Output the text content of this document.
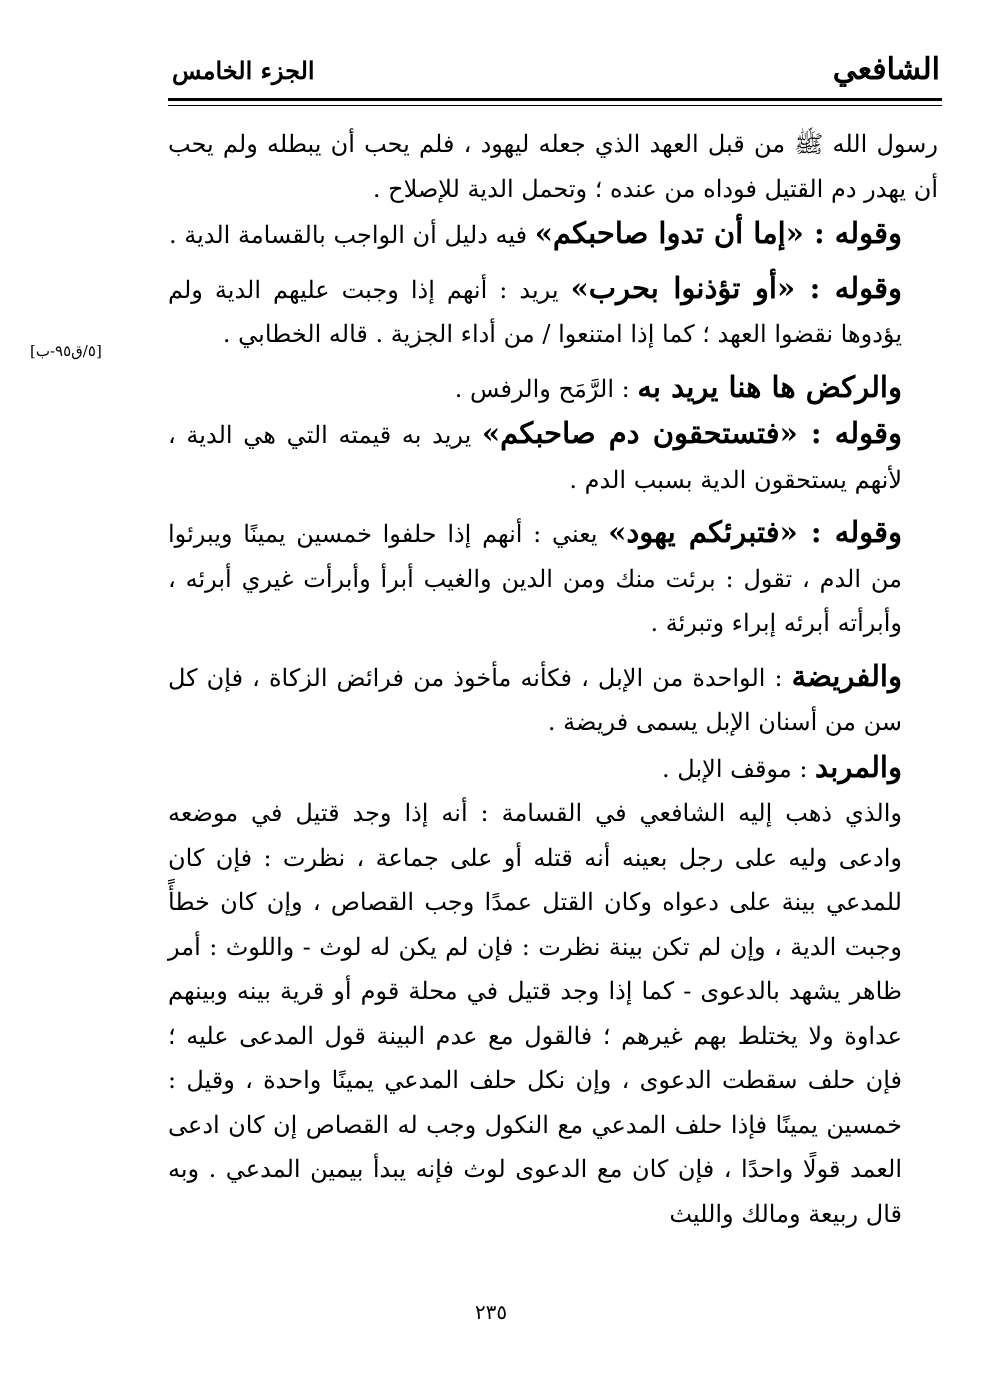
الشافعي
الجزء الخامس
[٥/ق٩٥-ب]

رسول الله ﷺ من قبل العهد الذي جعله ليهود ، فلم يحب أن يبطله ولم يحب أن يهدر دم القتيل فوداه من عنده ؛ وتحمل الدية للإصلاح .

وقوله : «إما أن تدوا صاحبكم» فيه دليل أن الواجب بالقسامة الدية .

وقوله : «أو تؤذنوا بحرب» يريد : أنهم إذا وجبت عليهم الدية ولم يؤدوها نقضوا العهد ؛ كما إذا امتنعوا / من أداء الجزية . قاله الخطابي .

والركض ها هنا يريد به : الرَّمَح والرفس .

وقوله : «فتستحقون دم صاحبكم» يريد به قيمته التي هي الدية ، لأنهم يستحقون الدية بسبب الدم .

وقوله : «فتبرئكم يهود» يعني : أنهم إذا حلفوا خمسين يمينًا ويبرئوا من الدم ، تقول : برئت منك ومن الدين والغيب أبرأ وأبرأت غيري أبرئه ، وأبرأته أبرئه إبراء وتبرئة .

والفريضة : الواحدة من الإبل ، فكأنه مأخوذ من فرائض الزكاة ، فإن كل سن من أسنان الإبل يسمى فريضة .

والمربد : موقف الإبل .

والذي ذهب إليه الشافعي في القسامة : أنه إذا وجد قتيل في موضعه وادعى وليه على رجل بعينه أنه قتله أو على جماعة ، نظرت : فإن كان للمدعي بينة على دعواه وكان القتل عمدًا وجب القصاص ، وإن كان خطأً وجبت الدية ، وإن لم تكن بينة نظرت : فإن لم يكن له لوث - واللوث : أمر ظاهر يشهد بالدعوى - كما إذا وجد قتيل في محلة قوم أو قرية بينه وبينهم عداوة ولا يختلط بهم غيرهم ؛ فالقول مع عدم البينة قول المدعى عليه ؛ فإن حلف سقطت الدعوى ، وإن نكل حلف المدعي يمينًا واحدة ، وقيل : خمسين يمينًا فإذا حلف المدعي مع النكول وجب له القصاص إن كان ادعى العمد قولًا واحدًا ، فإن كان مع الدعوى لوث فإنه يبدأ بيمين المدعي . وبه قال ربيعة ومالك والليث

٢٣٥
